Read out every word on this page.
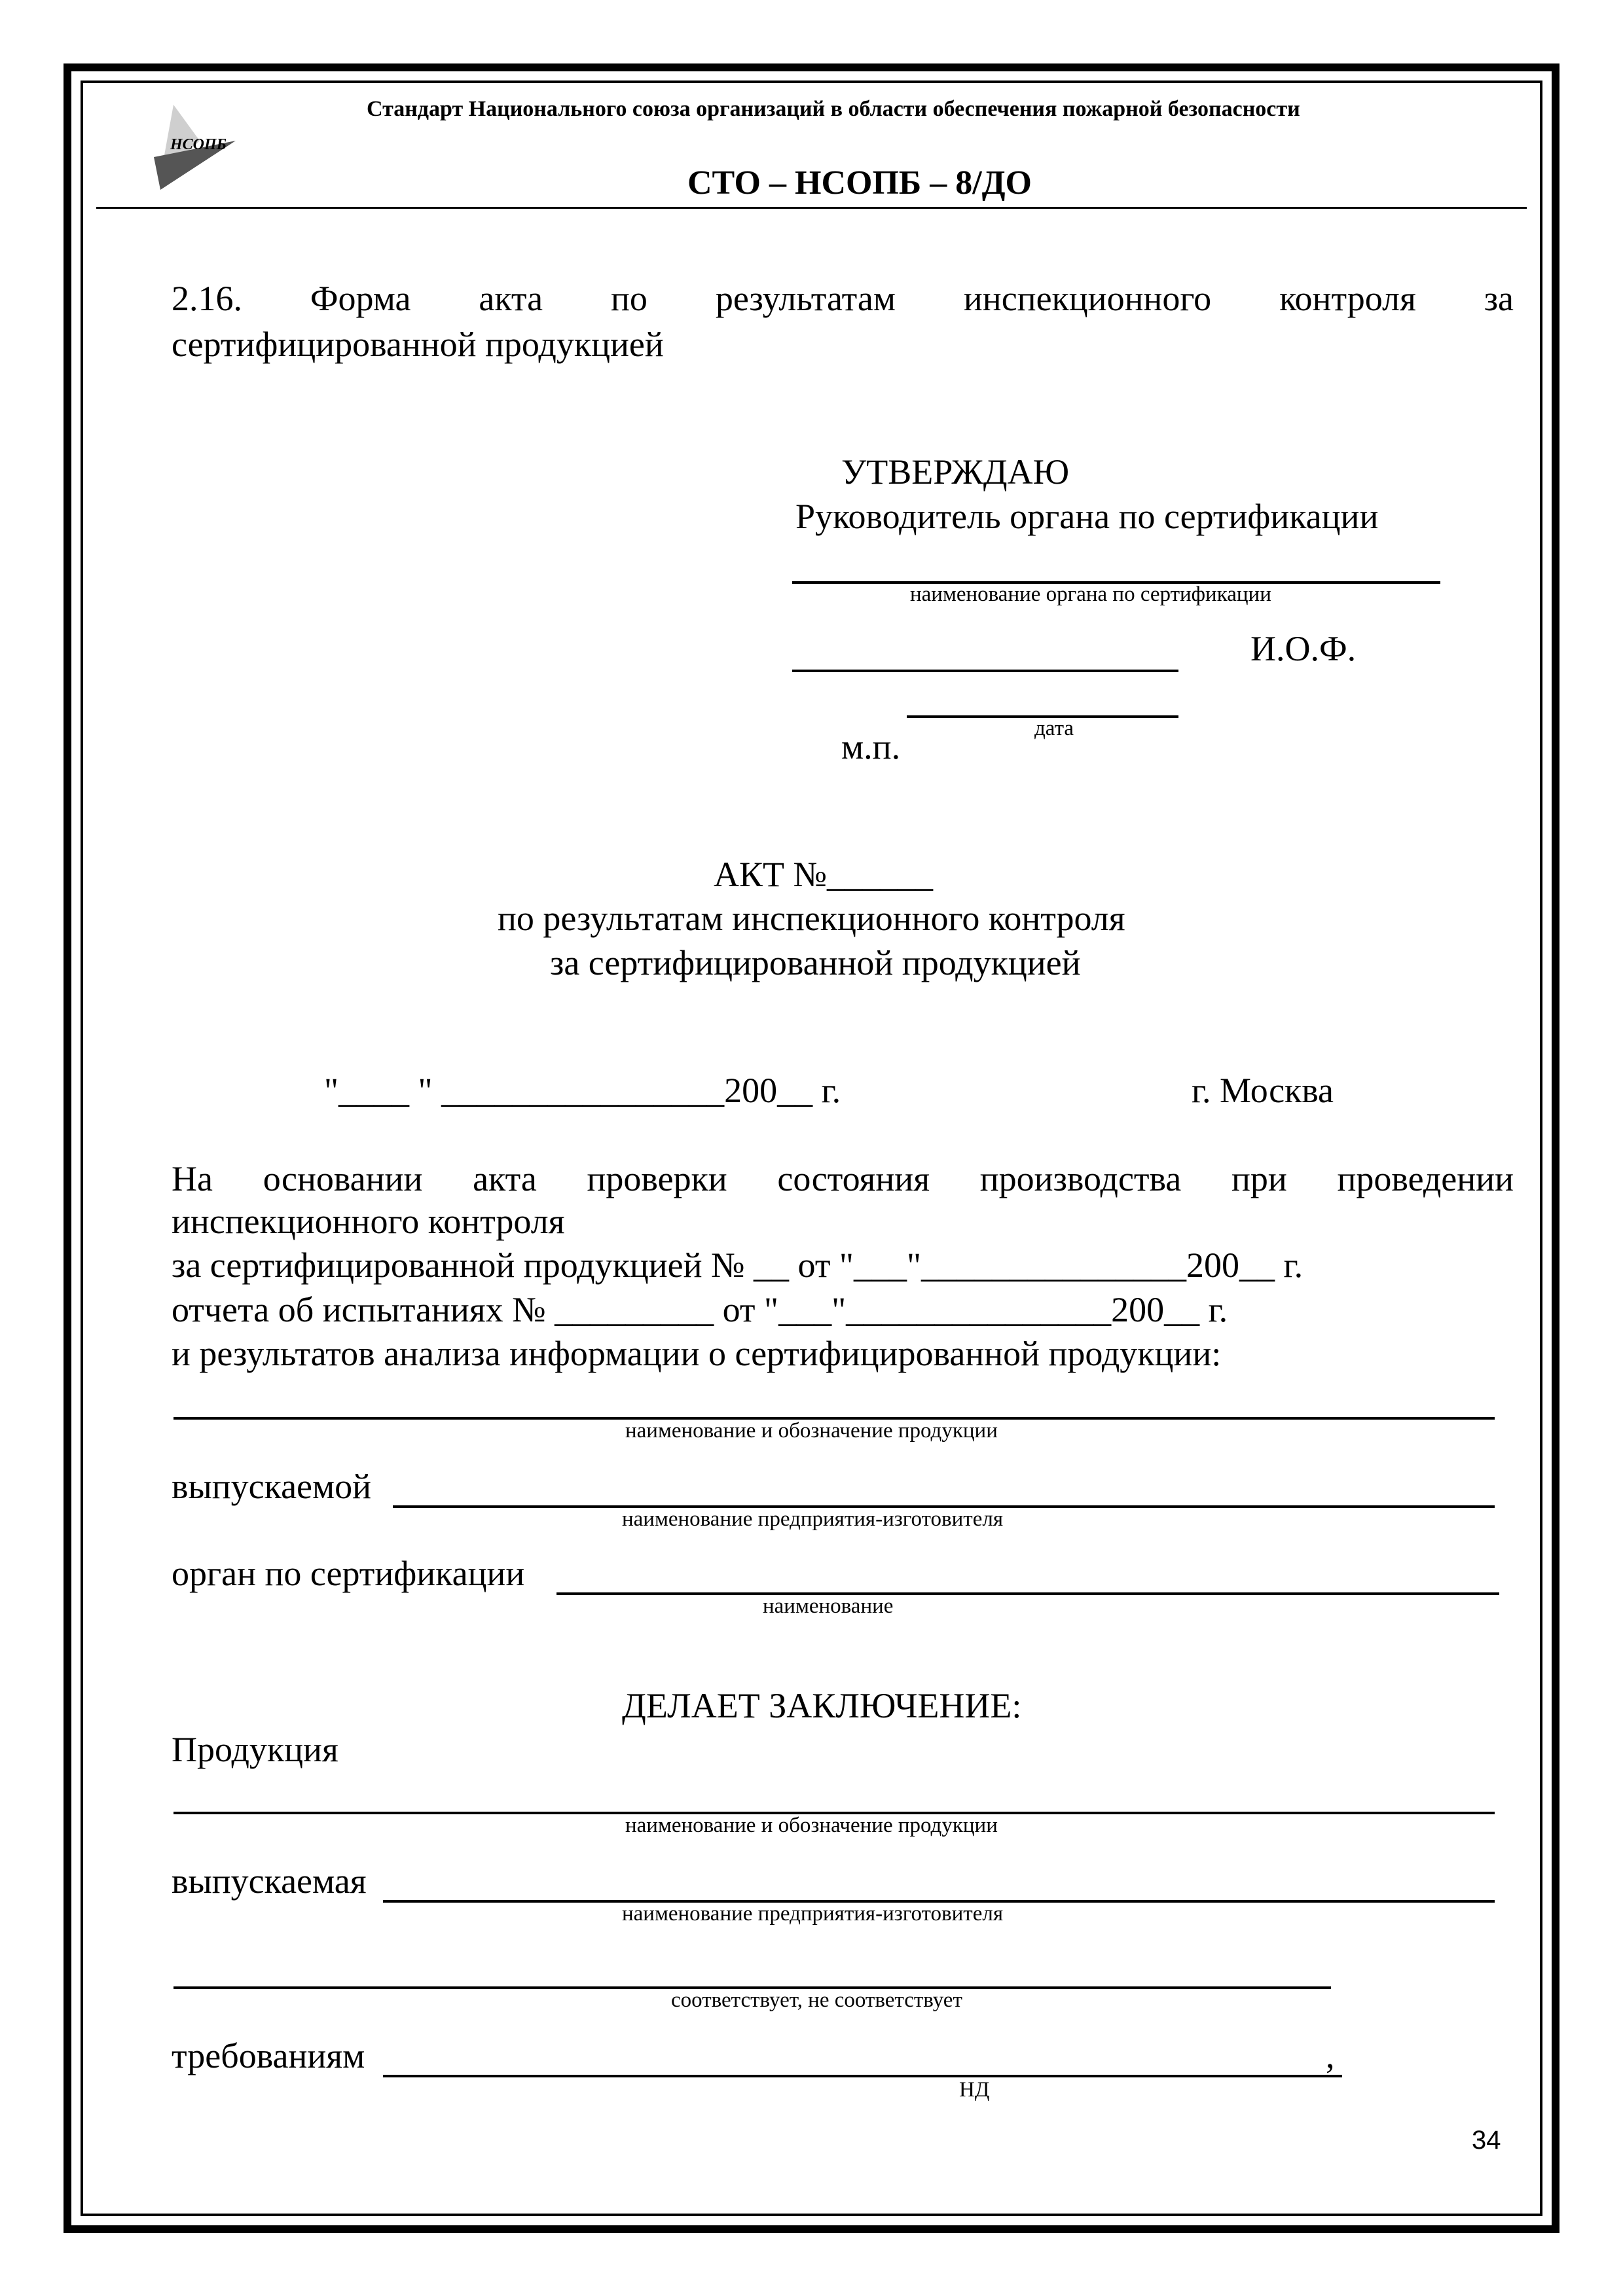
НСОПБ
Стандарт Национального союза организаций в области обеспечения пожарной безопасности
СТО – НСОПБ – 8/ДО
2.16. Форма акта по результатам инспекционного контроля за
сертифицированной продукцией
УТВЕРЖДАЮ
Руководитель органа по сертификации
наименование органа по сертификации
И.О.Ф.
дата
м.п.
АКТ №______
по результатам инспекционного контроля
за сертифицированной продукцией
"____ " ________________200__ г.	г. Москва
На основании акта проверки состояния производства при проведении
инспекционного контроля
за сертифицированной продукцией № __ от "___"_______________200__ г.
отчета об испытаниях № _________ от "___"_______________200__ г.
и результатов анализа информации о сертифицированной продукции:
наименование и обозначение продукции
выпускаемой
наименование предприятия-изготовителя
орган по сертификации
наименование
ДЕЛАЕТ ЗАКЛЮЧЕНИЕ:
Продукция
наименование и обозначение продукции
выпускаемая
наименование предприятия-изготовителя
соответствует, не соответствует
требованиям	,
НД
34
